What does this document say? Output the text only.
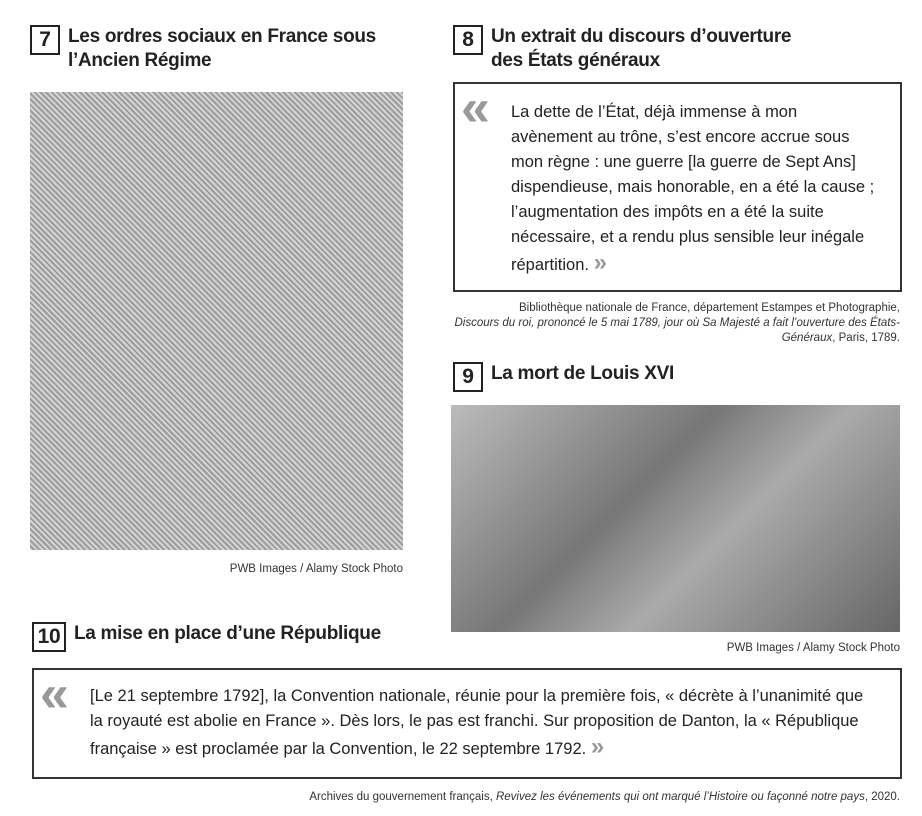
7 Les ordres sociaux en France sous
l’Ancien Régime
PWB Images / Alamy Stock Photo
8 Un extrait du discours d’ouverture
des États généraux
« La dette de l’État, déjà immense à mon avènement au trône, s’est encore accrue sous mon règne : une guerre [la guerre de Sept Ans] dispendieuse, mais honorable, en a été la cause ; l’augmentation des impôts en a été la suite nécessaire, et a rendu plus sensible leur inégale répartition. »
Bibliothèque nationale de France, département Estampes et Photographie,
Discours du roi, prononcé le 5 mai 1789, jour où Sa Majesté a fait l’ouverture des États-Généraux, Paris, 1789.
9 La mort de Louis XVI
PWB Images / Alamy Stock Photo
10 La mise en place d’une République
« [Le 21 septembre 1792], la Convention nationale, réunie pour la première fois, « décrète à l’unanimité que la royauté est abolie en France ». Dès lors, le pas est franchi. Sur proposition de Danton, la « République française » est proclamée par la Convention, le 22 septembre 1792. »
Archives du gouvernement français, Revivez les événements qui ont marqué l’Histoire ou façonné notre pays, 2020.
